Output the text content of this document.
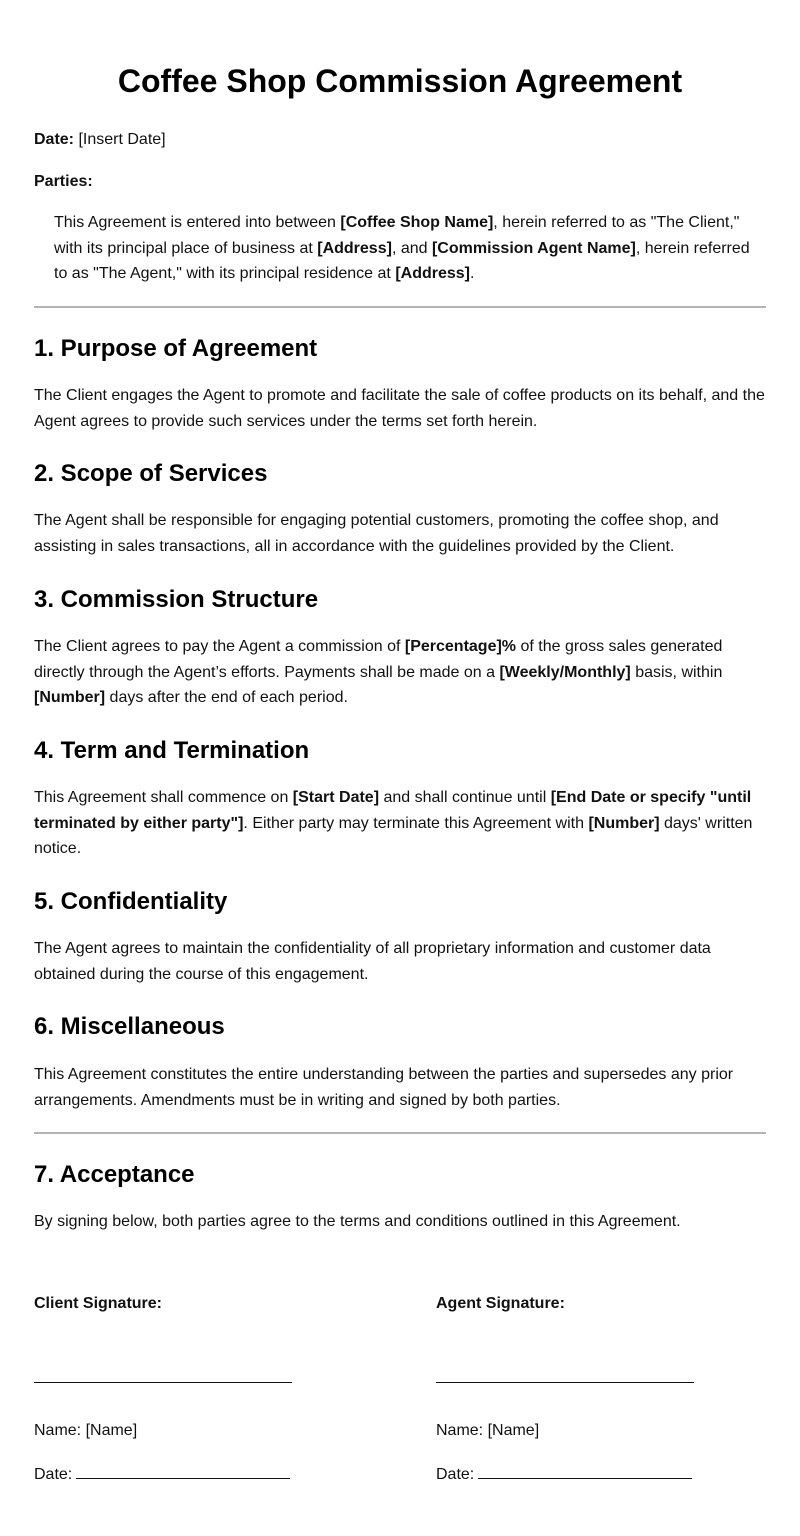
Coffee Shop Commission Agreement

Date: [Insert Date]

Parties:

This Agreement is entered into between [Coffee Shop Name], herein referred to as "The Client," with its principal place of business at [Address], and [Commission Agent Name], herein referred to as "The Agent," with its principal residence at [Address].

1. Purpose of Agreement

The Client engages the Agent to promote and facilitate the sale of coffee products on its behalf, and the Agent agrees to provide such services under the terms set forth herein.

2. Scope of Services

The Agent shall be responsible for engaging potential customers, promoting the coffee shop, and assisting in sales transactions, all in accordance with the guidelines provided by the Client.

3. Commission Structure

The Client agrees to pay the Agent a commission of [Percentage]% of the gross sales generated directly through the Agent’s efforts. Payments shall be made on a [Weekly/Monthly] basis, within [Number] days after the end of each period.

4. Term and Termination

This Agreement shall commence on [Start Date] and shall continue until [End Date or specify "until terminated by either party"]. Either party may terminate this Agreement with [Number] days' written notice.

5. Confidentiality

The Agent agrees to maintain the confidentiality of all proprietary information and customer data obtained during the course of this engagement.

6. Miscellaneous

This Agreement constitutes the entire understanding between the parties and supersedes any prior arrangements. Amendments must be in writing and signed by both parties.

7. Acceptance

By signing below, both parties agree to the terms and conditions outlined in this Agreement.

Client Signature:
Name: [Name]
Date:
Agent Signature:
Name: [Name]
Date:
